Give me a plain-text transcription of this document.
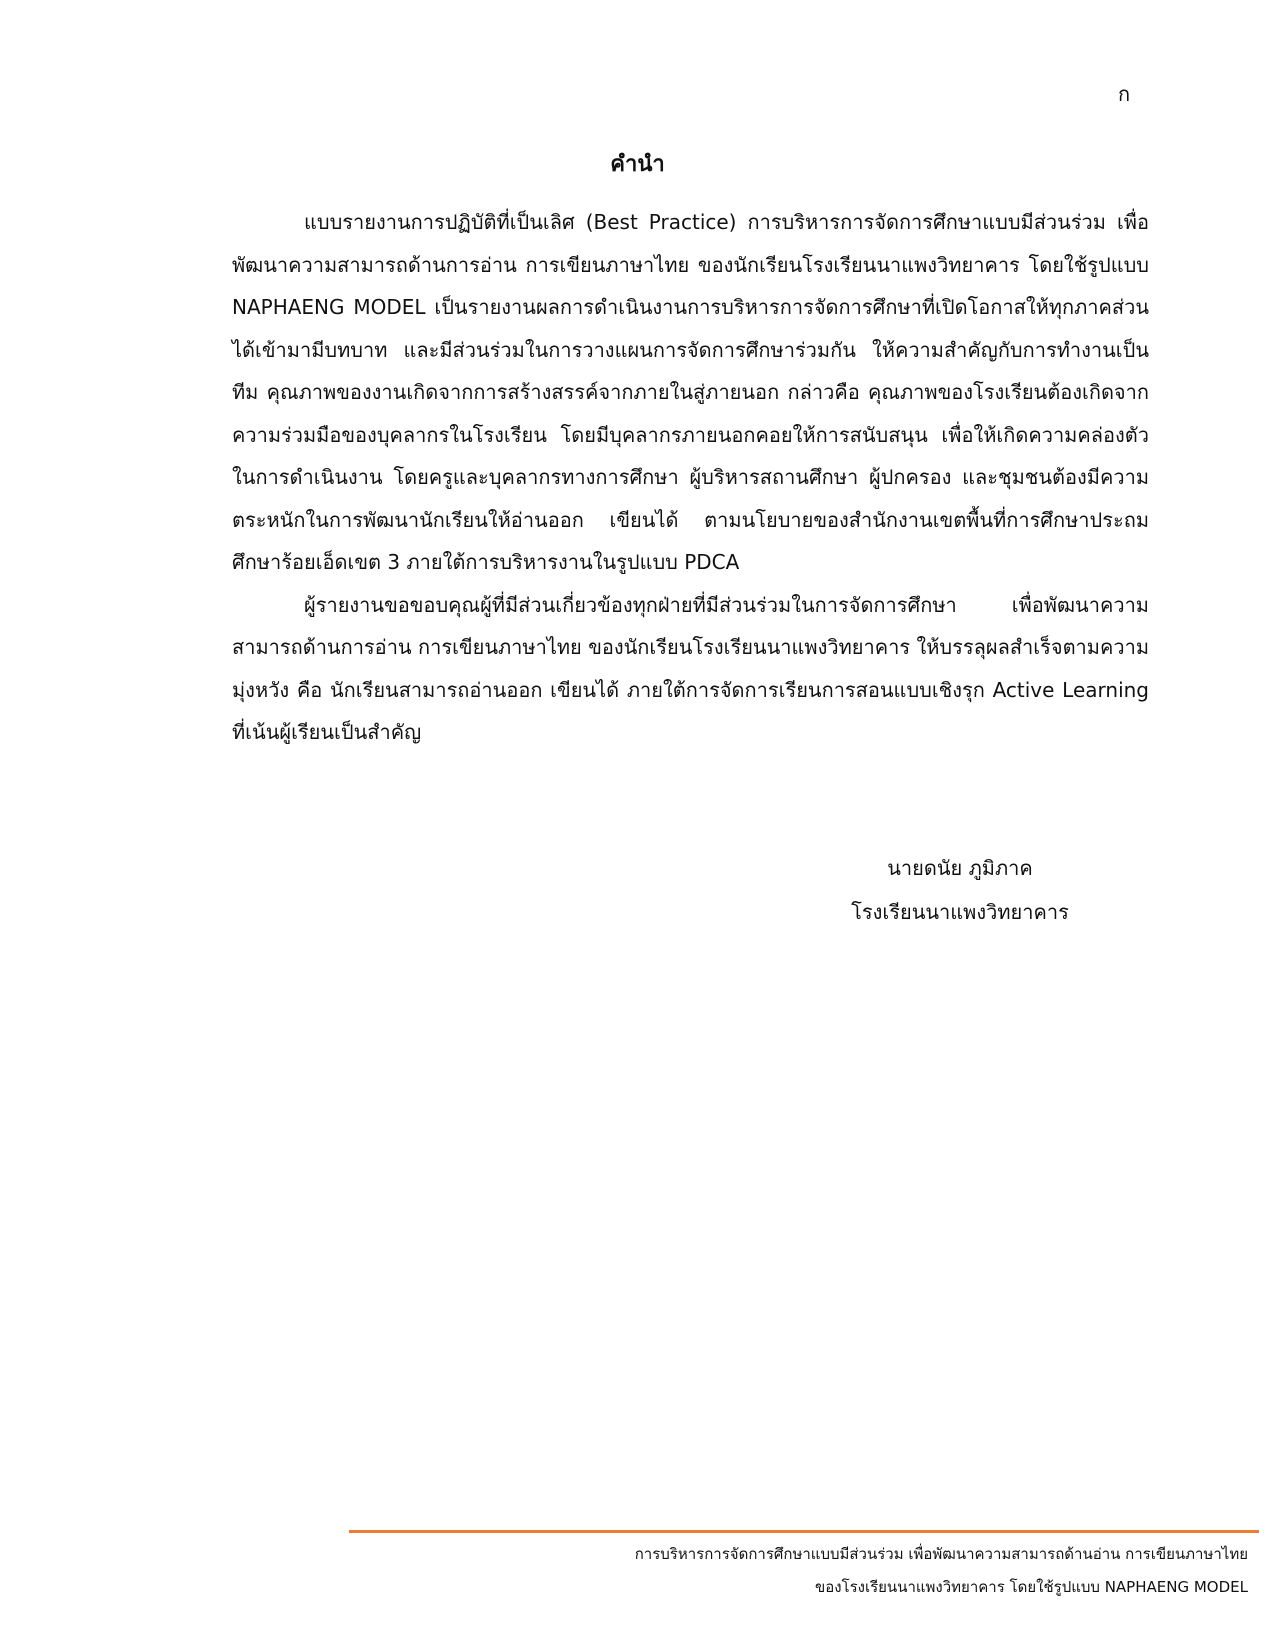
ก
คำนำ

แบบรายงานการปฏิบัติที่เป็นเลิศ (Best Practice) การบริหารการจัดการศึกษาแบบมีส่วนร่วม เพื่อพัฒนาความสามารถด้านการอ่าน การเขียนภาษาไทย ของนักเรียนโรงเรียนนาแพงวิทยาคาร โดยใช้รูปแบบ NAPHAENG MODEL เป็นรายงานผลการดำเนินงานการบริหารการจัดการศึกษาที่เปิดโอกาสให้ทุกภาคส่วนได้เข้ามามีบทบาท และมีส่วนร่วมในการวางแผนการจัดการศึกษาร่วมกัน ให้ความสำคัญกับการทำงานเป็นทีม คุณภาพของงานเกิดจากการสร้างสรรค์จากภายในสู่ภายนอก กล่าวคือ คุณภาพของโรงเรียนต้องเกิดจากความร่วมมือของบุคลากรในโรงเรียน โดยมีบุคลากรภายนอกคอยให้การสนับสนุน เพื่อให้เกิดความคล่องตัวในการดำเนินงาน โดยครูและบุคลากรทางการศึกษา ผู้บริหารสถานศึกษา ผู้ปกครอง และชุมชนต้องมีความตระหนักในการพัฒนานักเรียนให้อ่านออก เขียนได้ ตามนโยบายของสำนักงานเขตพื้นที่การศึกษาประถมศึกษาร้อยเอ็ดเขต 3 ภายใต้การบริหารงานในรูปแบบ PDCA

ผู้รายงานขอขอบคุณผู้ที่มีส่วนเกี่ยวข้องทุกฝ่ายที่มีส่วนร่วมในการจัดการศึกษา เพื่อพัฒนาความสามารถด้านการอ่าน การเขียนภาษาไทย ของนักเรียนโรงเรียนนาแพงวิทยาคาร ให้บรรลุผลสำเร็จตามความมุ่งหวัง คือ นักเรียนสามารถอ่านออก เขียนได้ ภายใต้การจัดการเรียนการสอนแบบเชิงรุก Active Learning ที่เน้นผู้เรียนเป็นสำคัญ

นายดนัย ภูมิภาค
โรงเรียนนาแพงวิทยาคาร
การบริหารการจัดการศึกษาแบบมีส่วนร่วม เพื่อพัฒนาความสามารถด้านอ่าน การเขียนภาษาไทย
ของโรงเรียนนาแพงวิทยาคาร โดยใช้รูปแบบ NAPHAENG MODEL
